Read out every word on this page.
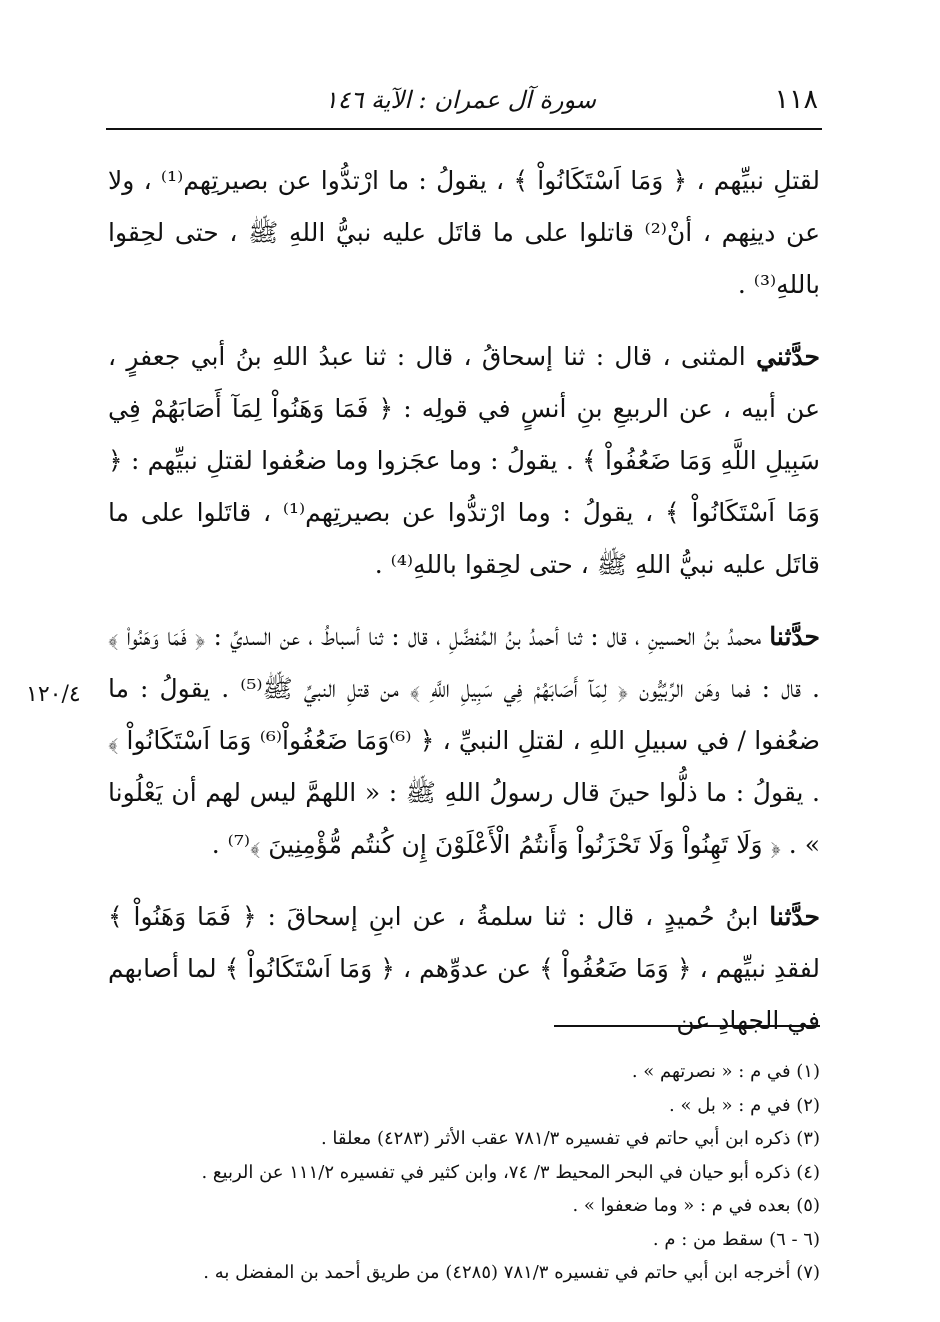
١١٨
سورة آل عمران : الآية ١٤٦
١٢٠/٤

لقتلِ نبيِّهم ، ﴿ وَمَا اَسْتَكَانُواْ ﴾ ، يقولُ : ما ارْتدُّوا عن بصيرتِهم⁽¹⁾ ، ولا عن دينِهم ، أنْ⁽²⁾ قاتلوا على ما قاتَل عليه نبيُّ اللهِ ﷺ ، حتى لحِقوا باللهِ⁽³⁾ .

حدَّثني المثنى ، قال : ثنا إسحاقُ ، قال : ثنا عبدُ اللهِ بنُ أبي جعفرٍ ، عن أبيه ، عن الربيعِ بنِ أنسٍ في قولِه : ﴿ فَمَا وَهَنُواْ لِمَآ أَصَابَهُمْ فِي سَبِيلِ اللَّهِ وَمَا ضَعُفُواْ ﴾ . يقولُ : وما عجَزوا وما ضعُفوا لقتلِ نبيِّهم : ﴿ وَمَا اَسْتَكَانُواْ ﴾ ، يقولُ : وما ارْتدُّوا عن بصيرتِهم⁽¹⁾ ، قاتَلوا على ما قاتَل عليه نبيُّ اللهِ ﷺ ، حتى لحِقوا باللهِ⁽⁴⁾ .

حدَّثنا محمدُ بنُ الحسينِ ، قال : ثنا أحمدُ بنُ المُفضَّلِ ، قال : ثنا أسباطُ ، عن السديِّ : ﴿ فَمَا وَهَنُواْ ﴾ . قال : فما وهَن الرِّبِّيُّون ﴿ لِمَآ أَصَابَهُمْ فِي سَبِيلِ اللَّهِ ﴾ من قتلِ النبيِّ ﷺ⁽⁵⁾ . يقولُ : ما ضعُفوا / في سبيلِ اللهِ ، لقتلِ النبيِّ ، ﴿ ⁽⁶⁾وَمَا ضَعُفُواْ⁽⁶⁾ وَمَا اَسْتَكَانُواْ ﴾ . يقولُ : ما ذلُّوا حينَ قال رسولُ اللهِ ﷺ : « اللهمَّ ليس لهم أن يَعْلُونا » . ﴿ وَلَا تَهِنُواْ وَلَا تَحْزَنُواْ وَأَنتُمُ الْأَعْلَوْنَ إِن كُنتُم مُّؤْمِنِينَ ﴾⁽⁷⁾ .

حدَّثنا ابنُ حُميدٍ ، قال : ثنا سلمةُ ، عن ابنِ إسحاقَ : ﴿ فَمَا وَهَنُواْ ﴾ لفقدِ نبيِّهم ، ﴿ وَمَا ضَعُفُواْ ﴾ عن عدوِّهم ، ﴿ وَمَا اَسْتَكَانُواْ ﴾ لما أصابهم في الجهادِ عن

(١) في م : « نصرتهم » .
(٢) في م : « بل » .
(٣) ذكره ابن أبي حاتم في تفسيره ٧٨١/٣ عقب الأثر (٤٢٨٣) معلقا .
(٤) ذكره أبو حيان في البحر المحيط ٣/ ٧٤، وابن كثير في تفسيره ١١١/٢ عن الربيع .
(٥) بعده في م : « وما ضعفوا » .
(٦ - ٦) سقط من : م .
(٧) أخرجه ابن أبي حاتم في تفسيره ٧٨١/٣ (٤٢٨٥) من طريق أحمد بن المفضل به .
